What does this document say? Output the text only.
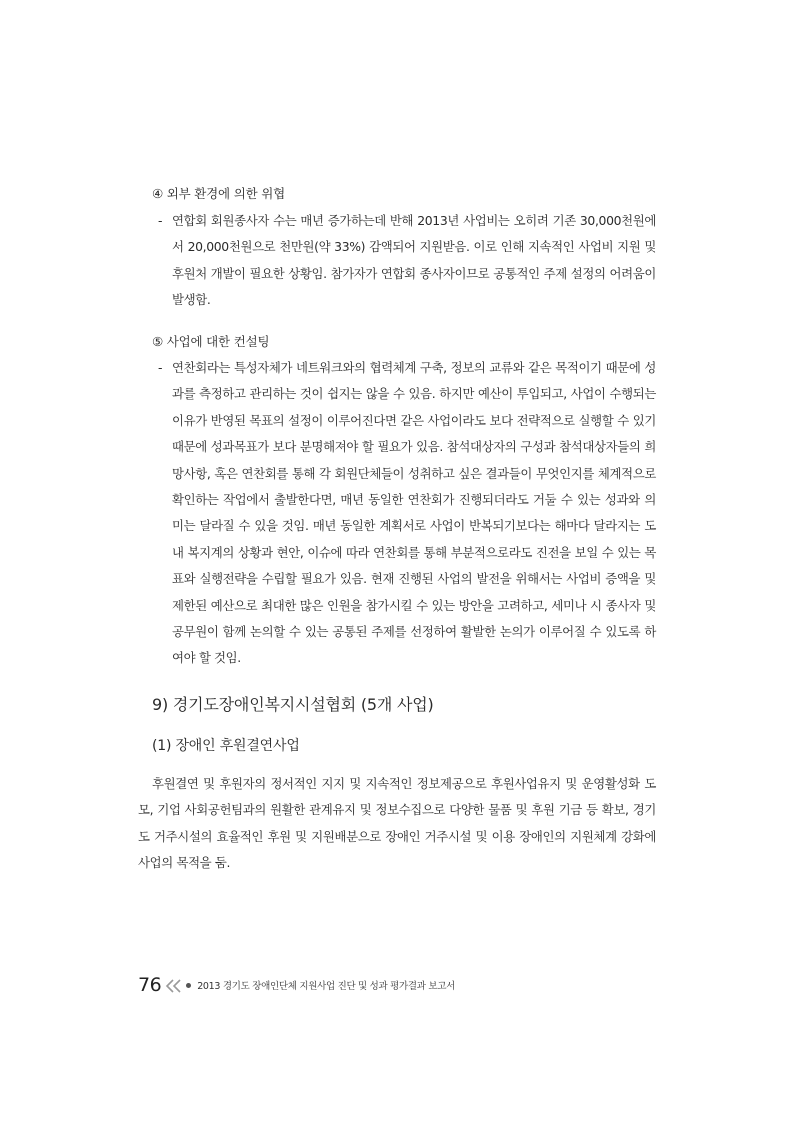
④ 외부 환경에 의한 위협
- 연합회 회원종사자 수는 매년 증가하는데 반해 2013년 사업비는 오히려 기존 30,000천원에서 20,000천원으로 천만원(약 33%) 감액되어 지원받음. 이로 인해 지속적인 사업비 지원 및 후원처 개발이 필요한 상황임. 참가자가 연합회 종사자이므로 공통적인 주제 설정의 어려움이 발생함.
⑤ 사업에 대한 컨설팅
- 연찬회라는 특성자체가 네트워크와의 협력체계 구축, 정보의 교류와 같은 목적이기 때문에 성과를 측정하고 관리하는 것이 쉽지는 않을 수 있음. 하지만 예산이 투입되고, 사업이 수행되는 이유가 반영된 목표의 설정이 이루어진다면 같은 사업이라도 보다 전략적으로 실행할 수 있기 때문에 성과목표가 보다 분명해져야 할 필요가 있음. 참석대상자의 구성과 참석대상자들의 희망사항, 혹은 연찬회를 통해 각 회원단체들이 성취하고 싶은 결과들이 무엇인지를 체계적으로 확인하는 작업에서 출발한다면, 매년 동일한 연찬회가 진행되더라도 거둘 수 있는 성과와 의미는 달라질 수 있을 것임. 매년 동일한 계획서로 사업이 반복되기보다는 해마다 달라지는 도 내 복지계의 상황과 현안, 이슈에 따라 연찬회를 통해 부분적으로라도 진전을 보일 수 있는 목표와 실행전략을 수립할 필요가 있음. 현재 진행된 사업의 발전을 위해서는 사업비 증액을 및 제한된 예산으로 최대한 많은 인원을 참가시킬 수 있는 방안을 고려하고, 세미나 시 종사자 및 공무원이 함께 논의할 수 있는 공통된 주제를 선정하여 활발한 논의가 이루어질 수 있도록 하여야 할 것임.
9) 경기도장애인복지시설협회 (5개 사업)
(1) 장애인 후원결연사업

후원결연 및 후원자의 정서적인 지지 및 지속적인 정보제공으로 후원사업유지 및 운영활성화 도모, 기업 사회공헌팀과의 원활한 관계유지 및 정보수집으로 다양한 물품 및 후원 기금 등 확보, 경기도 거주시설의 효율적인 후원 및 지원배분으로 장애인 거주시설 및 이용 장애인의 지원체계 강화에 사업의 목적을 둠.

76	2013 경기도 장애인단체 지원사업 진단 및 성과 평가결과 보고서
